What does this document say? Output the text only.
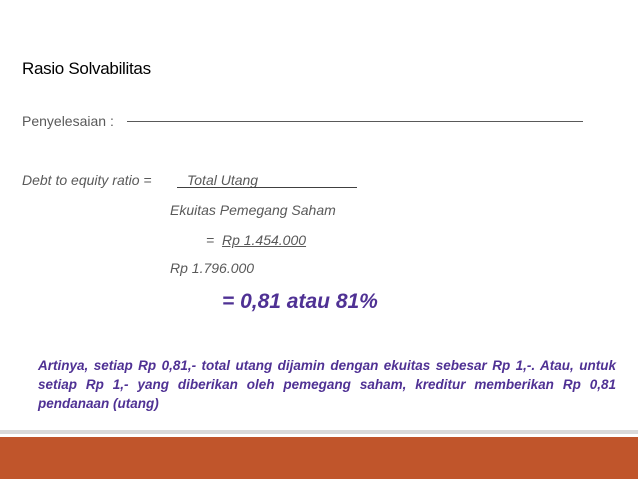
Rasio Solvabilitas
Penyelesaian :
Debt to equity ratio =	Total Utang
Ekuitas Pemegang Saham
= Rp 1.454.000
Rp 1.796.000
= 0,81 atau 81%
Artinya, setiap Rp 0,81,- total utang dijamin dengan ekuitas sebesar Rp 1,-. Atau, untuk setiap Rp 1,- yang diberikan oleh pemegang saham, kreditur memberikan Rp 0,81 pendanaan (utang)
